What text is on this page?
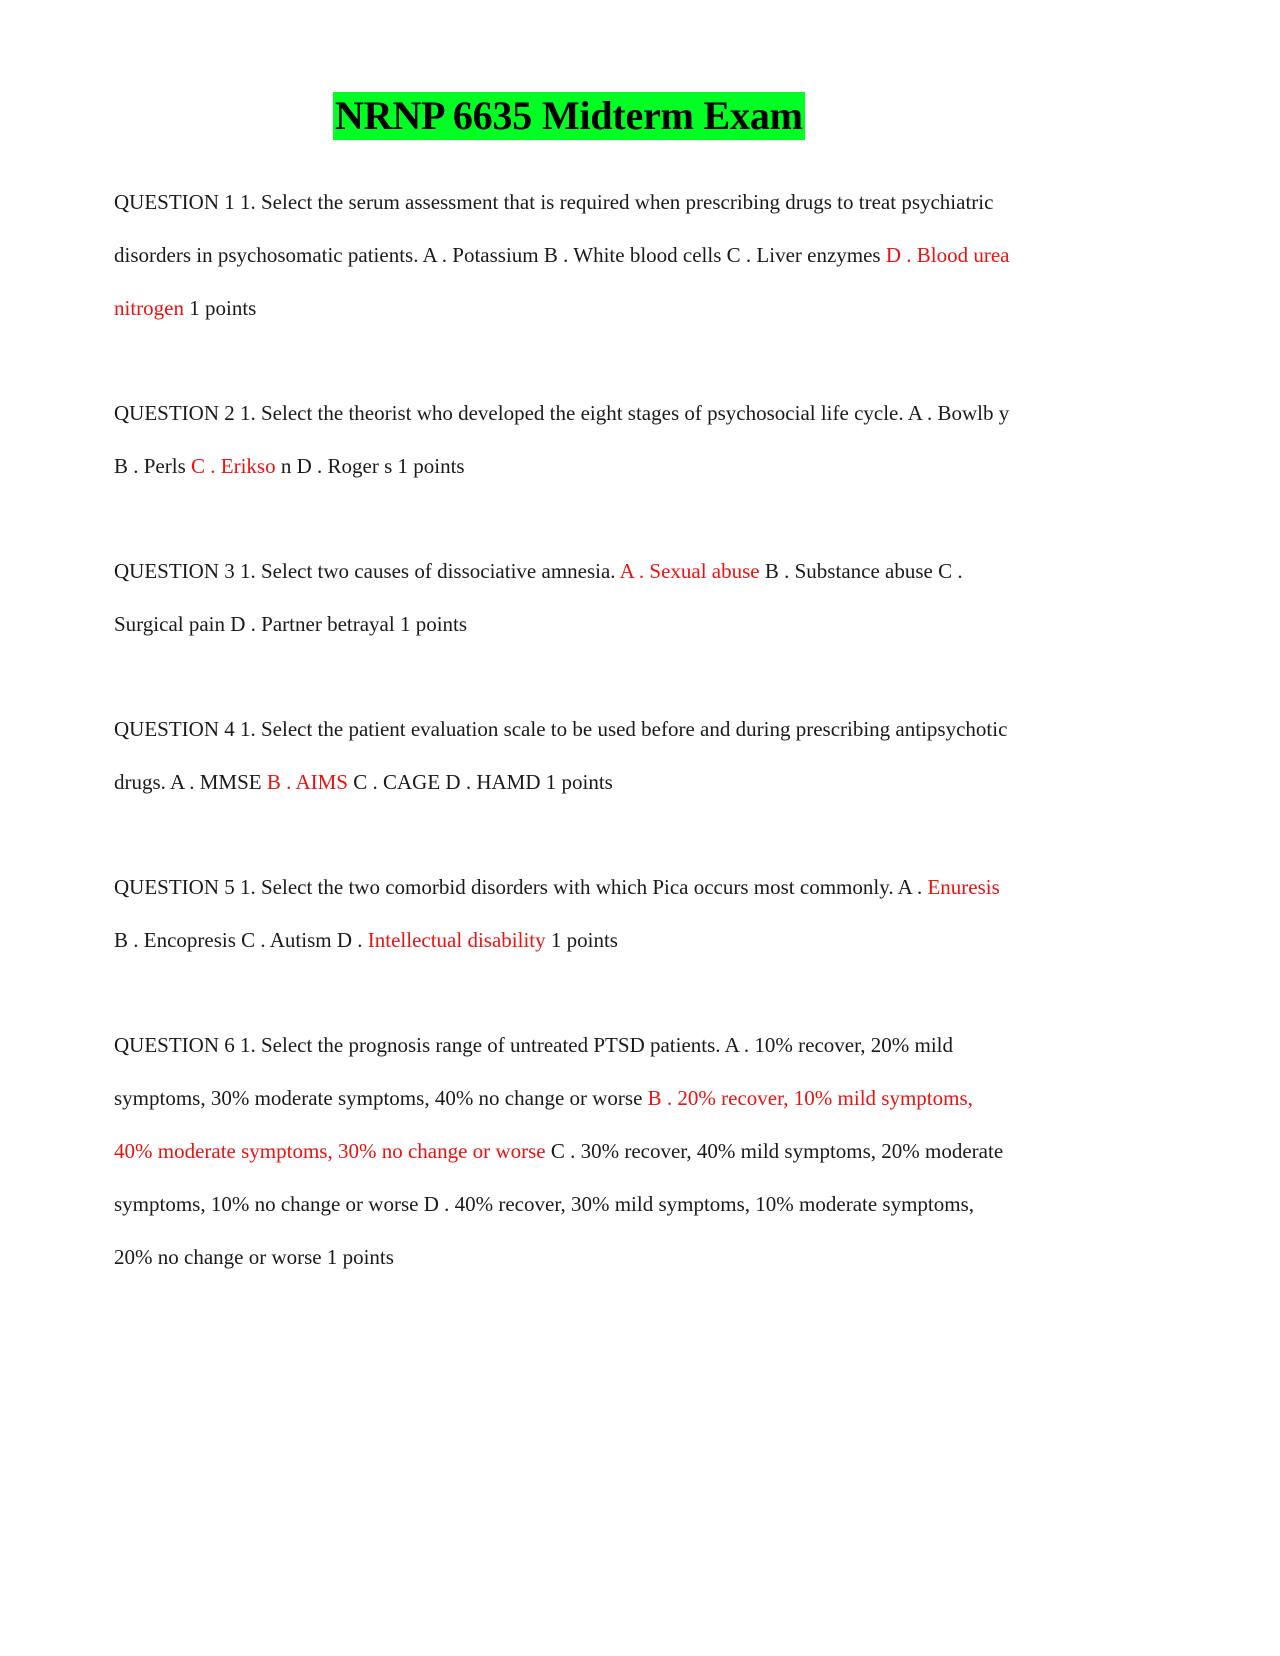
NRNP 6635 Midterm Exam

QUESTION 1 1. Select the serum assessment that is required when prescribing drugs to treat psychiatric disorders in psychosomatic patients. A . Potassium B . White blood cells C . Liver enzymes D . Blood urea nitrogen 1 points

QUESTION 2 1. Select the theorist who developed the eight stages of psychosocial life cycle. A . Bowlb y B . Perls C . Erikso n D . Roger s 1 points

QUESTION 3 1. Select two causes of dissociative amnesia. A . Sexual abuse B . Substance abuse C . Surgical pain D . Partner betrayal 1 points

QUESTION 4 1. Select the patient evaluation scale to be used before and during prescribing antipsychotic drugs. A . MMSE B . AIMS C . CAGE D . HAMD 1 points

QUESTION 5 1. Select the two comorbid disorders with which Pica occurs most commonly. A . Enuresis B . Encopresis C . Autism D . Intellectual disability 1 points

QUESTION 6 1. Select the prognosis range of untreated PTSD patients. A . 10% recover, 20% mild symptoms, 30% moderate symptoms, 40% no change or worse B . 20% recover, 10% mild symptoms, 40% moderate symptoms, 30% no change or worse C . 30% recover, 40% mild symptoms, 20% moderate symptoms, 10% no change or worse D . 40% recover, 30% mild symptoms, 10% moderate symptoms, 20% no change or worse 1 points
